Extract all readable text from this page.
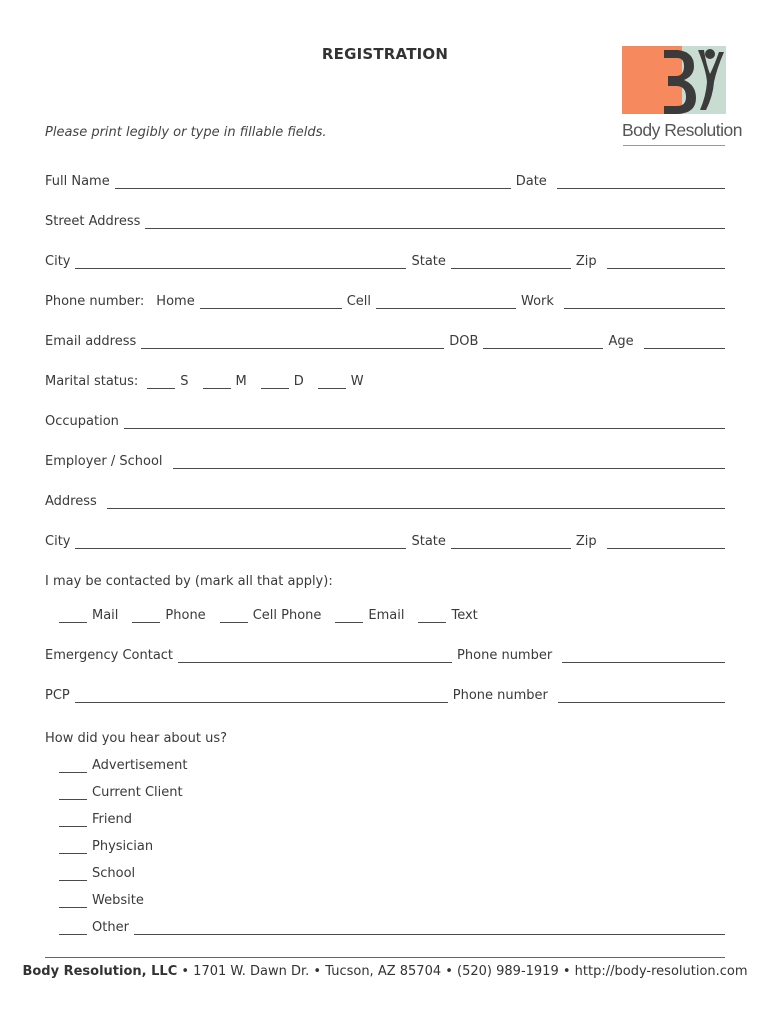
REGISTRATION
Please print legibly or type in fillable fields.	Body Resolution
Full Name	Date
Street Address
City	State	Zip
Phone number: Home	Cell	Work
Email address	DOB	Age
Marital status:	S	M	D	W
Occupation
Employer / School
Address
City	State	Zip
I may be contacted by (mark all that apply):
Mail	Phone	Cell Phone	Email	Text
Emergency Contact	Phone number
PCP	Phone number
How did you hear about us?
Advertisement
Current Client
Friend
Physician
School
Website
Other
Body Resolution, LLC • 1701 W. Dawn Dr. • Tucson, AZ 85704 • (520) 989-1919 • http://body-resolution.com
